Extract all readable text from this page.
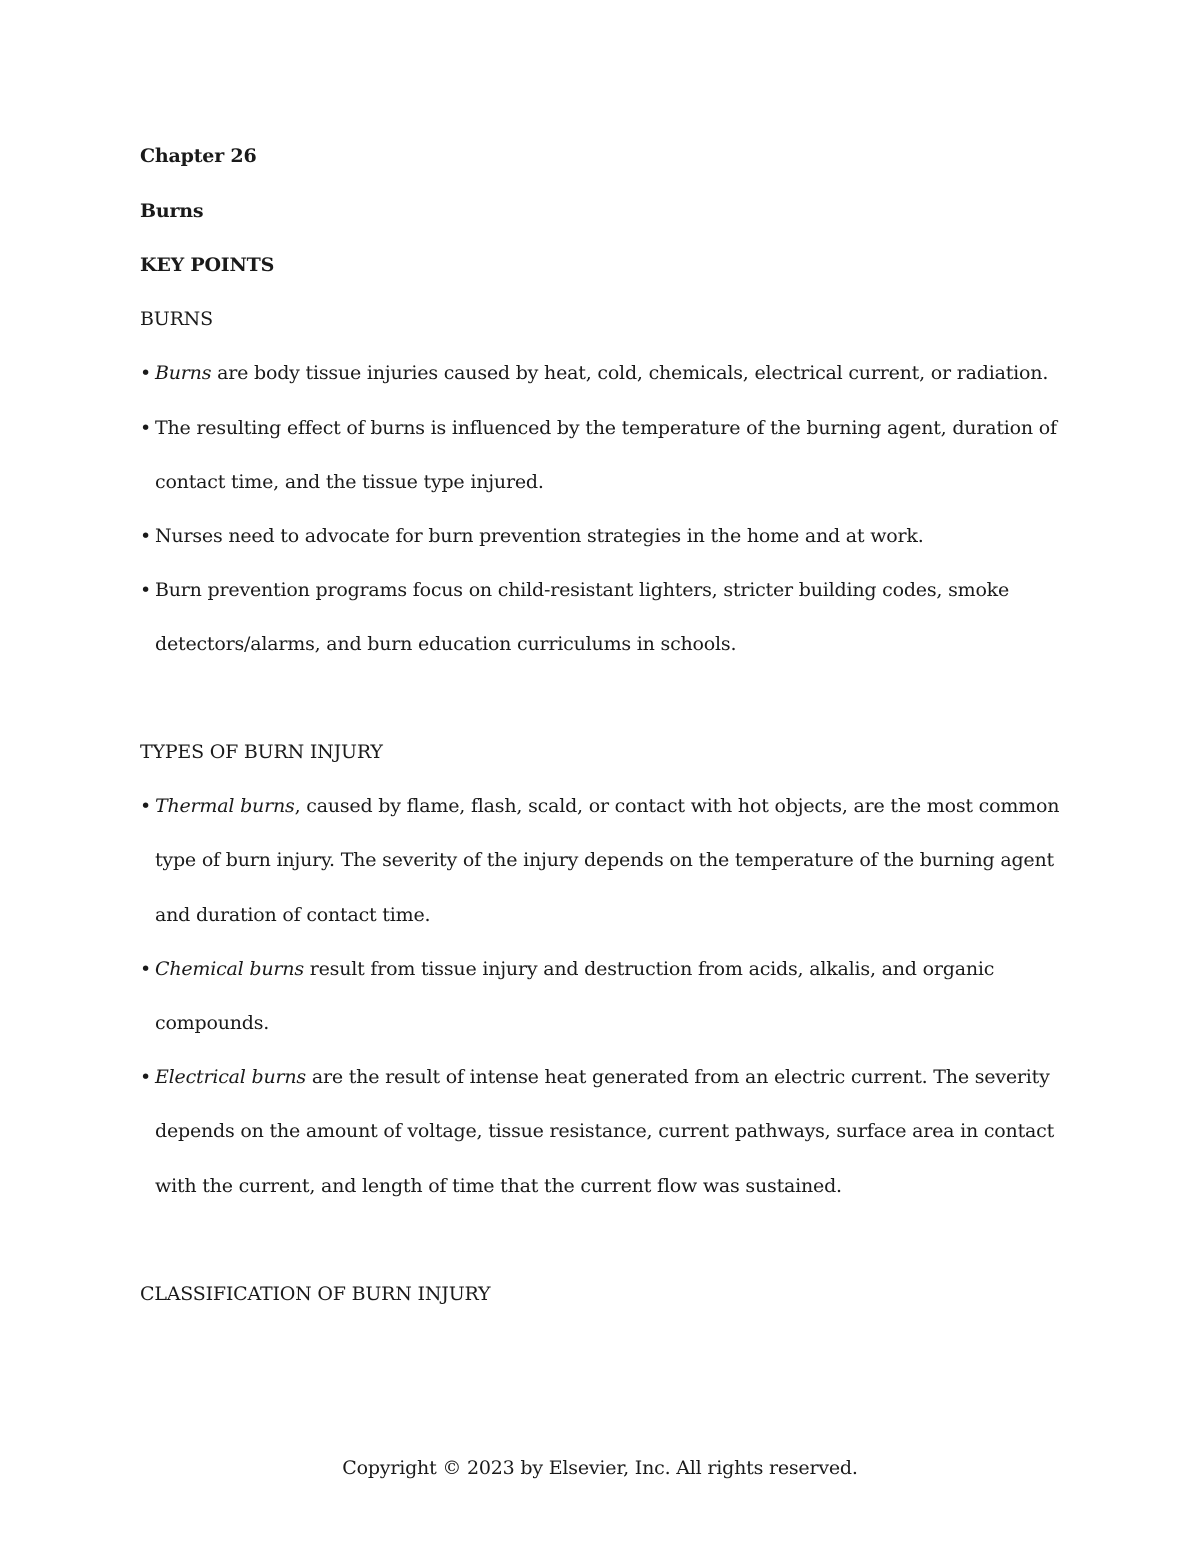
Chapter 26
Burns
KEY POINTS
BURNS
• Burns are body tissue injuries caused by heat, cold, chemicals, electrical current, or radiation.
• The resulting effect of burns is influenced by the temperature of the burning agent, duration of
contact time, and the tissue type injured.
• Nurses need to advocate for burn prevention strategies in the home and at work.
• Burn prevention programs focus on child-resistant lighters, stricter building codes, smoke
detectors/alarms, and burn education curriculums in schools.
TYPES OF BURN INJURY
• Thermal burns, caused by flame, flash, scald, or contact with hot objects, are the most common
type of burn injury. The severity of the injury depends on the temperature of the burning agent
and duration of contact time.
• Chemical burns result from tissue injury and destruction from acids, alkalis, and organic
compounds.
• Electrical burns are the result of intense heat generated from an electric current. The severity
depends on the amount of voltage, tissue resistance, current pathways, surface area in contact
with the current, and length of time that the current flow was sustained.
CLASSIFICATION OF BURN INJURY
Copyright © 2023 by Elsevier, Inc. All rights reserved.
